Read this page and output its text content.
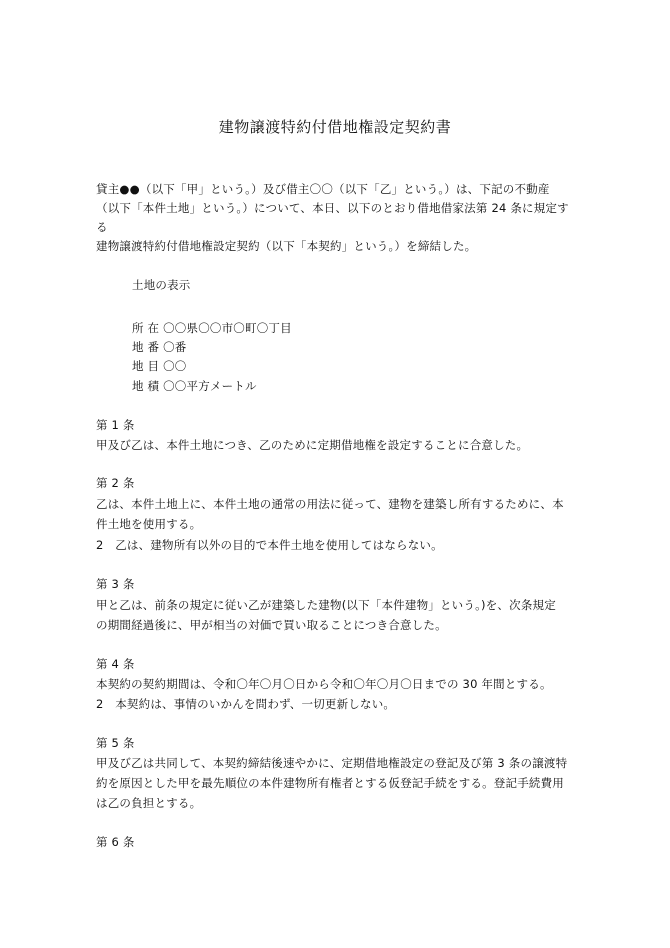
建物譲渡特約付借地権設定契約書
貸主●●（以下「甲」という。）及び借主〇〇（以下「乙」という。）は、下記の不動産
（以下「本件土地」という。）について、本日、以下のとおり借地借家法第 24 条に規定す
る
建物譲渡特約付借地権設定契約（以下「本契約」という。）を締結した。
土地の表示
所 在 〇〇県〇〇市〇町〇丁目
地 番 〇番
地 目 〇〇
地 積 〇〇平方メートル
第 1 条
甲及び乙は、本件土地につき、乙のために定期借地権を設定することに合意した。
第 2 条
乙は、本件土地上に、本件土地の通常の用法に従って、建物を建築し所有するために、本
件土地を使用する。
2　乙は、建物所有以外の目的で本件土地を使用してはならない。
第 3 条
甲と乙は、前条の規定に従い乙が建築した建物(以下「本件建物」という。)を、次条規定
の期間経過後に、甲が相当の対価で買い取ることにつき合意した。
第 4 条
本契約の契約期間は、令和〇年〇月〇日から令和〇年〇月〇日までの 30 年間とする。
2　本契約は、事情のいかんを問わず、一切更新しない。
第 5 条
甲及び乙は共同して、本契約締結後速やかに、定期借地権設定の登記及び第 3 条の譲渡特
約を原因とした甲を最先順位の本件建物所有権者とする仮登記手続をする。登記手続費用
は乙の負担とする。
第 6 条
